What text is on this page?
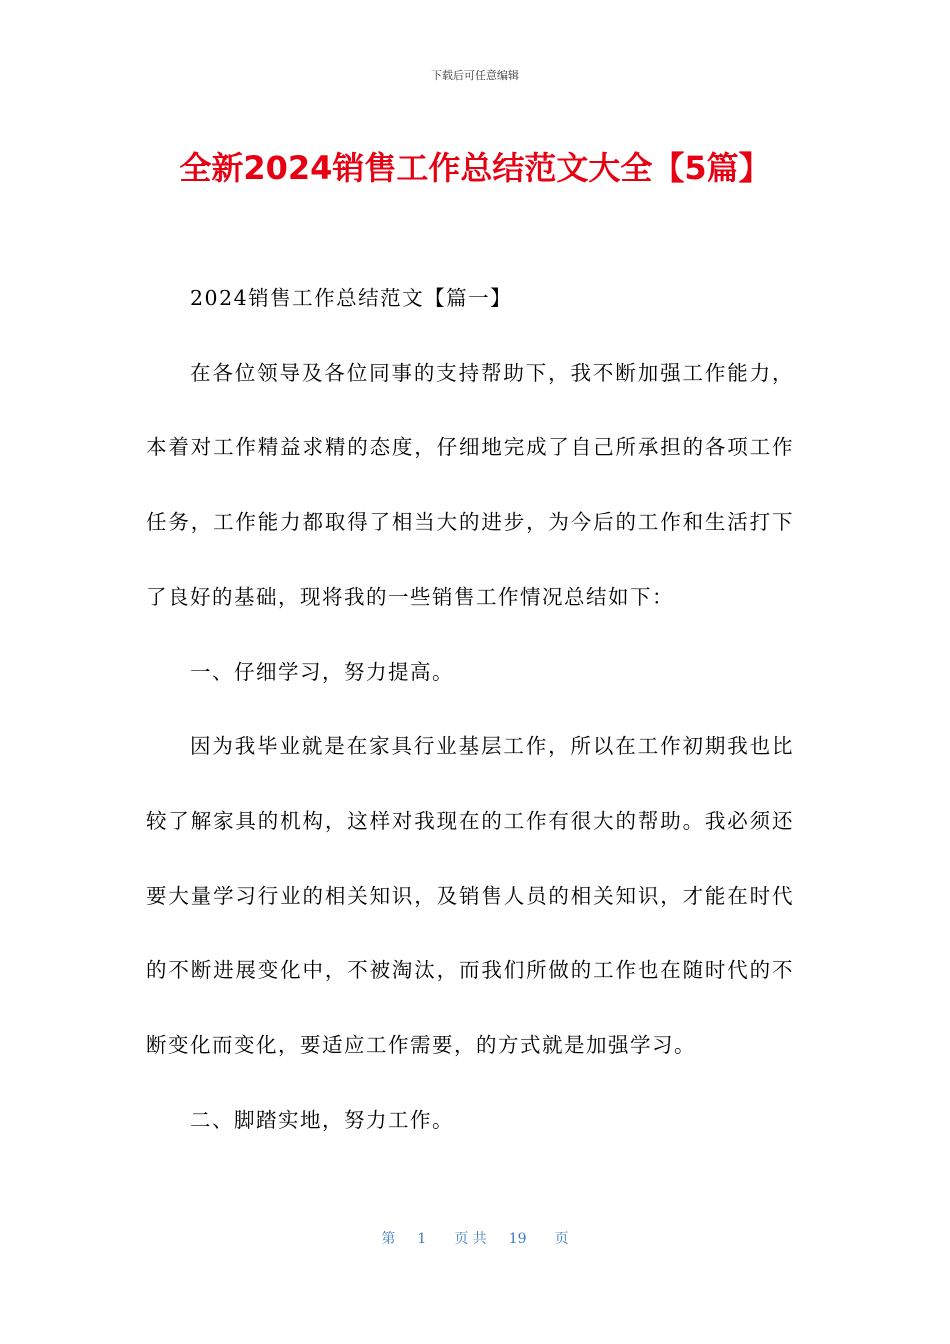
下载后可任意编辑
全新2024销售工作总结范文大全【5篇】

2024销售工作总结范文【篇一】

在各位领导及各位同事的支持帮助下，我不断加强工作能力，本着对工作精益求精的态度，仔细地完成了自己所承担的各项工作任务，工作能力都取得了相当大的进步，为今后的工作和生活打下了良好的基础，现将我的一些销售工作情况总结如下：

一、仔细学习，努力提高。

因为我毕业就是在家具行业基层工作，所以在工作初期我也比较了解家具的机构，这样对我现在的工作有很大的帮助。我必须还要大量学习行业的相关知识，及销售人员的相关知识，才能在时代的不断进展变化中，不被淘汰，而我们所做的工作也在随时代的不断变化而变化，要适应工作需要，的方式就是加强学习。

二、脚踏实地，努力工作。

第 1 页 共 19 页
